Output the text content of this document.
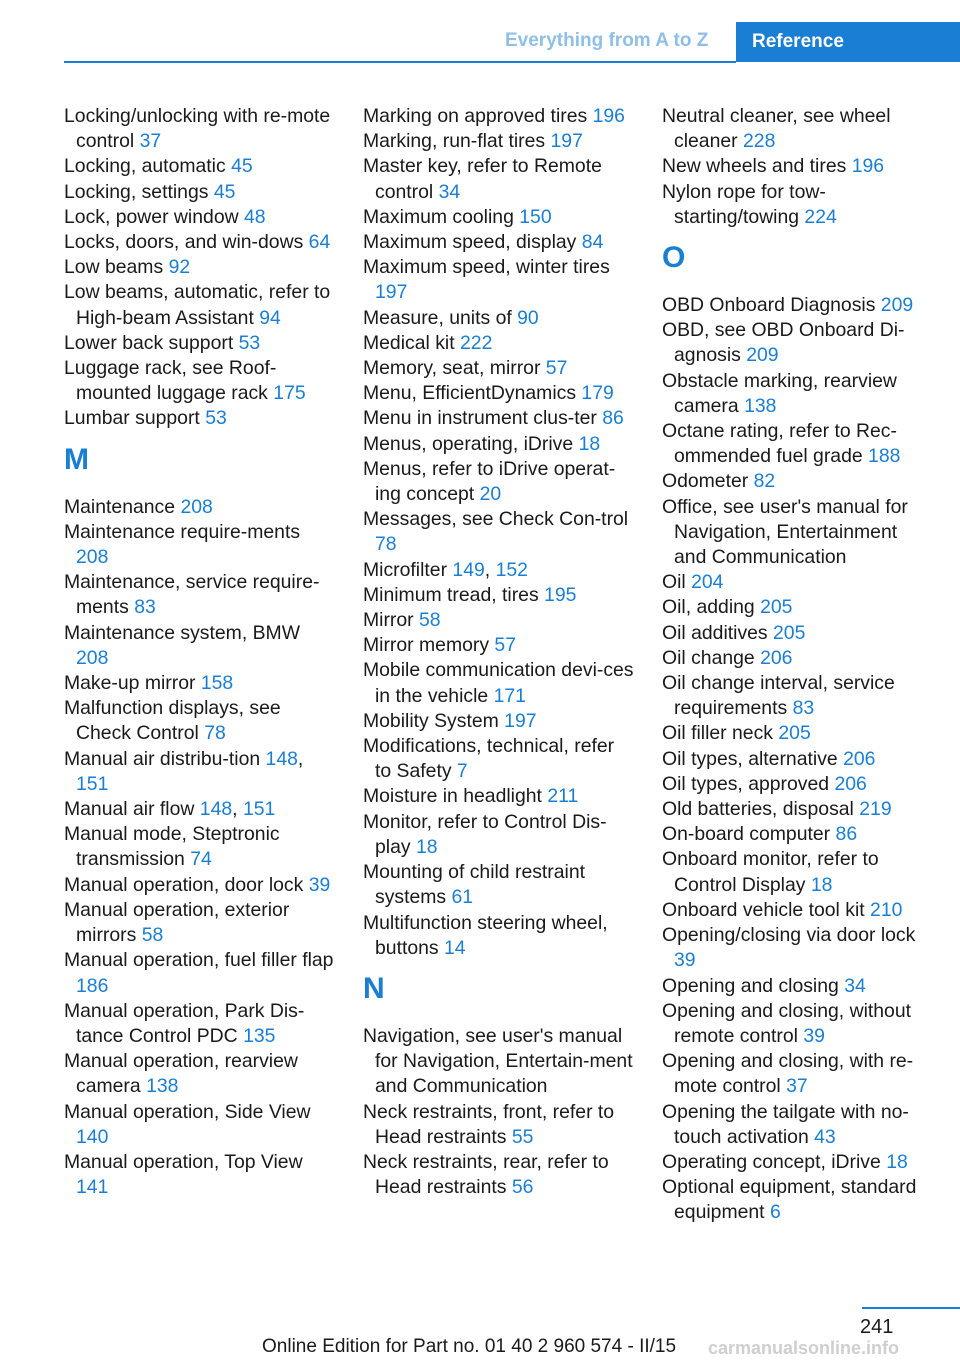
Everything from A to Z	Reference
Locking/unlocking with re‐mote control 37
Locking, automatic 45
Locking, settings 45
Lock, power window 48
Locks, doors, and win‐dows 64
Low beams 92
Low beams, automatic, refer to High-beam Assistant 94
Lower back support 53
Luggage rack, see Roof-mounted luggage rack 175
Lumbar support 53
M
Maintenance 208
Maintenance require‐ments 208
Maintenance, service require‐ments 83
Maintenance system, BMW 208
Make-up mirror 158
Malfunction displays, see Check Control 78
Manual air distribu‐tion 148, 151
Manual air flow 148, 151
Manual mode, Steptronic transmission 74
Manual operation, door lock 39
Manual operation, exterior mirrors 58
Manual operation, fuel filler flap 186
Manual operation, Park Dis‐tance Control PDC 135
Manual operation, rearview camera 138
Manual operation, Side View 140
Manual operation, Top View 141
Marking on approved tires 196
Marking, run-flat tires 197
Master key, refer to Remote control 34
Maximum cooling 150
Maximum speed, display 84
Maximum speed, winter tires 197
Measure, units of 90
Medical kit 222
Memory, seat, mirror 57
Menu, EfficientDynamics 179
Menu in instrument clus‐ter 86
Menus, operating, iDrive 18
Menus, refer to iDrive operat‐ing concept 20
Messages, see Check Con‐trol 78
Microfilter 149, 152
Minimum tread, tires 195
Mirror 58
Mirror memory 57
Mobile communication devi‐ces in the vehicle 171
Mobility System 197
Modifications, technical, refer to Safety 7
Moisture in headlight 211
Monitor, refer to Control Dis‐play 18
Mounting of child restraint systems 61
Multifunction steering wheel, buttons 14
N
Navigation, see user's manual for Navigation, Entertain‐ment and Communication
Neck restraints, front, refer to Head restraints 55
Neck restraints, rear, refer to Head restraints 56
Neutral cleaner, see wheel cleaner 228
New wheels and tires 196
Nylon rope for tow-starting/towing 224
O
OBD Onboard Diagnosis 209
OBD, see OBD Onboard Di‐agnosis 209
Obstacle marking, rearview camera 138
Octane rating, refer to Rec‐ommended fuel grade 188
Odometer 82
Office, see user's manual for Navigation, Entertainment and Communication
Oil 204
Oil, adding 205
Oil additives 205
Oil change 206
Oil change interval, service requirements 83
Oil filler neck 205
Oil types, alternative 206
Oil types, approved 206
Old batteries, disposal 219
On-board computer 86
Onboard monitor, refer to Control Display 18
Onboard vehicle tool kit 210
Opening/closing via door lock 39
Opening and closing 34
Opening and closing, without remote control 39
Opening and closing, with re‐mote control 37
Opening the tailgate with no-touch activation 43
Operating concept, iDrive 18
Optional equipment, standard equipment 6
241
Online Edition for Part no. 01 40 2 960 574 - II/15 carmanualsonline.info
